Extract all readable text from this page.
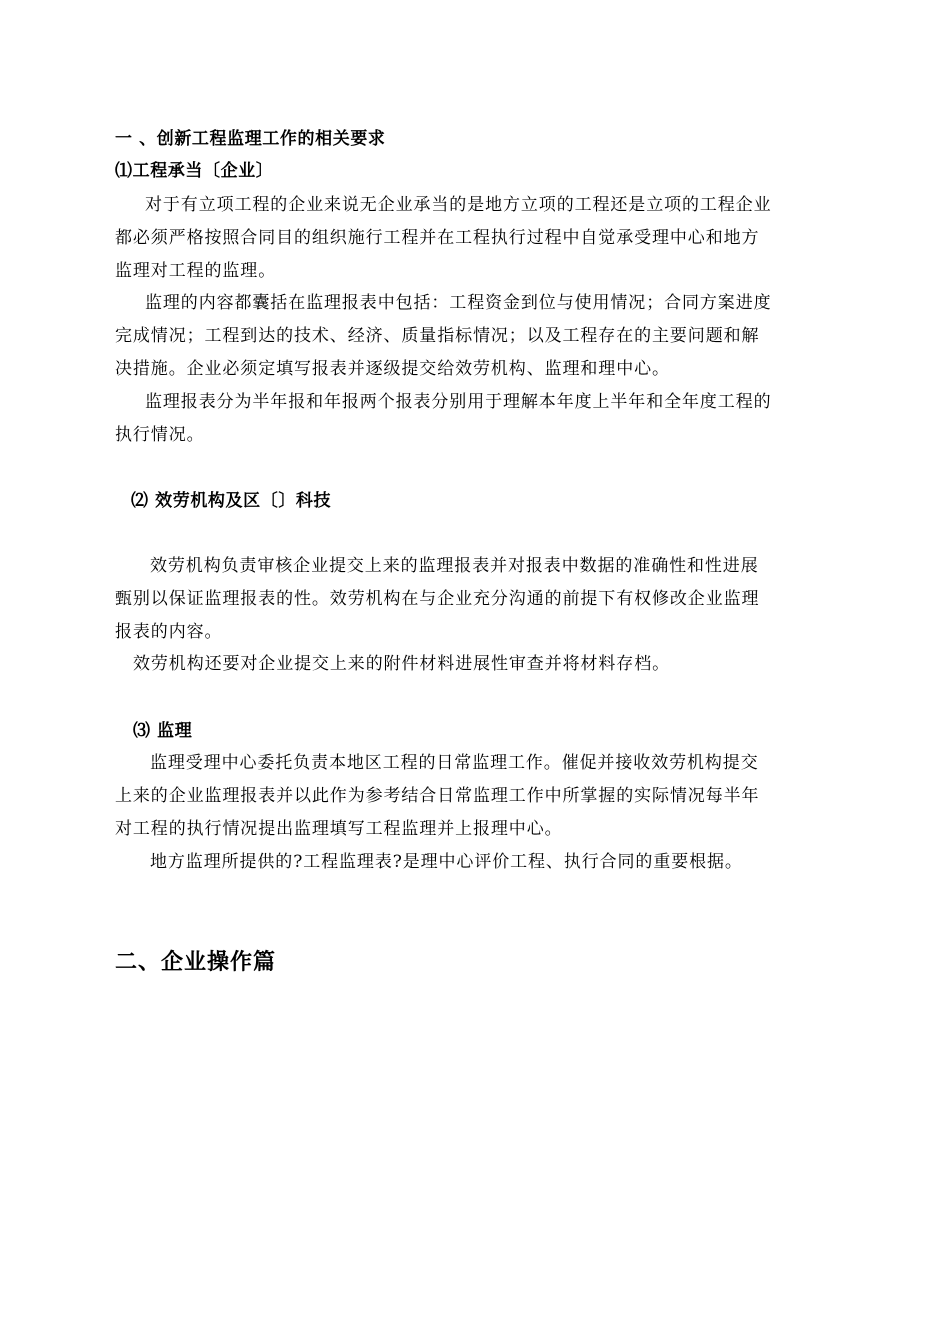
一 、创新工程监理工作的相关要求
⑴工程承当〔企业〕
对于有立项工程的企业来说无企业承当的是地方立项的工程还是立项的工程企业
都必须严格按照合同目的组织施行工程并在工程执行过程中自觉承受理中心和地方
监理对工程的监理。
监理的内容都囊括在监理报表中包括：工程资金到位与使用情况；合同方案进度
完成情况；工程到达的技术、经济、质量指标情况；以及工程存在的主要问题和解
决措施。企业必须定填写报表并逐级提交给效劳机构、监理和理中心。
监理报表分为半年报和年报两个报表分别用于理解本年度上半年和全年度工程的
执行情况。
⑵ 效劳机构及区〔〕科技
效劳机构负责审核企业提交上来的监理报表并对报表中数据的准确性和性进展
甄别以保证监理报表的性。效劳机构在与企业充分沟通的前提下有权修改企业监理
报表的内容。
效劳机构还要对企业提交上来的附件材料进展性审查并将材料存档。
⑶ 监理
监理受理中心委托负责本地区工程的日常监理工作。催促并接收效劳机构提交
上来的企业监理报表并以此作为参考结合日常监理工作中所掌握的实际情况每半年
对工程的执行情况提出监理填写工程监理并上报理中心。
地方监理所提供的?工程监理表?是理中心评价工程、执行合同的重要根据。
二、企业操作篇
